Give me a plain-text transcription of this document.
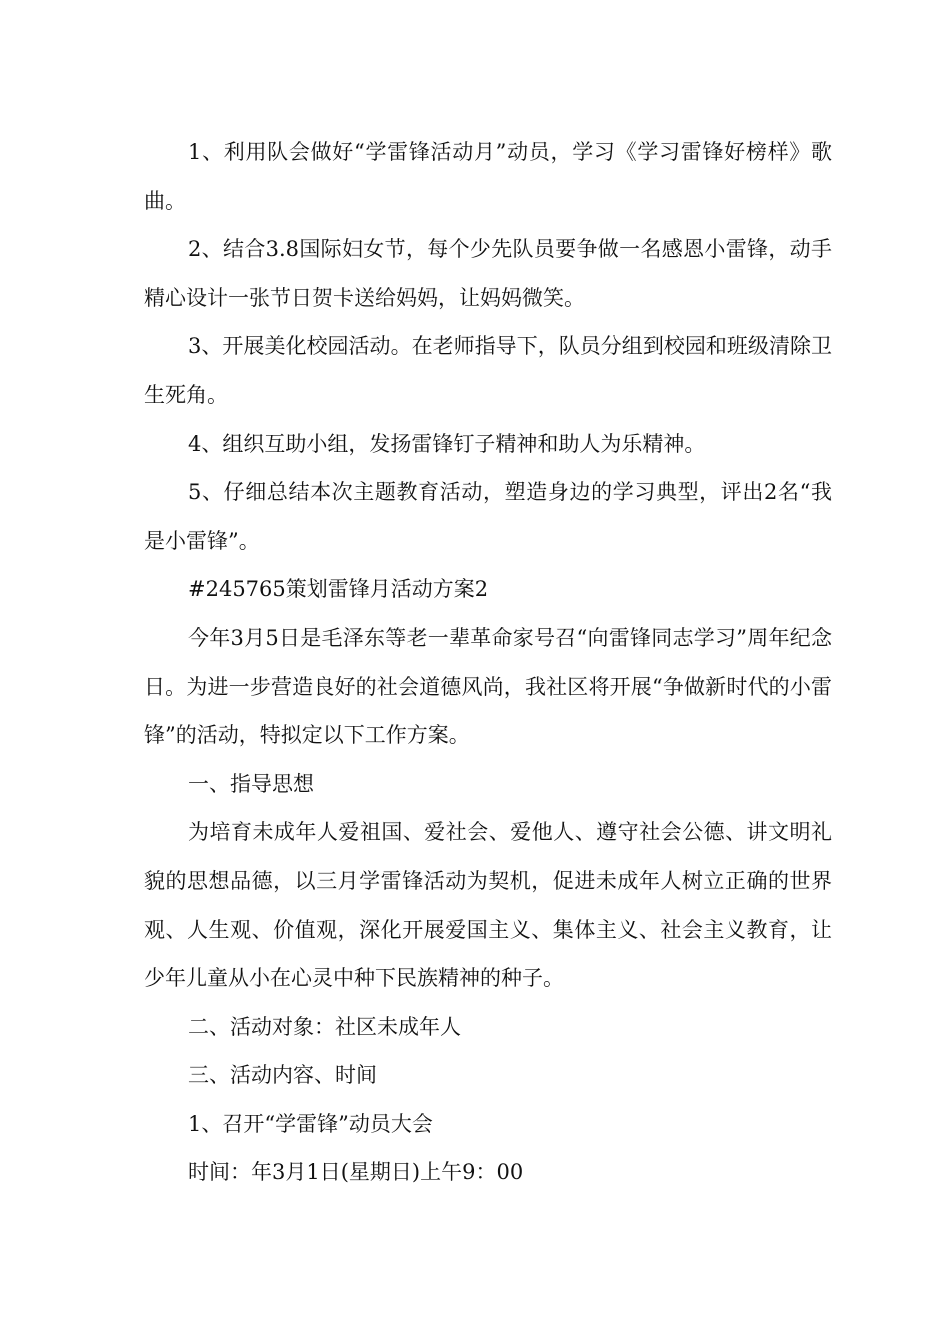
1、利用队会做好“学雷锋活动月”动员，学习《学习雷锋好榜样》歌曲。

2、结合3.8国际妇女节，每个少先队员要争做一名感恩小雷锋，动手精心设计一张节日贺卡送给妈妈，让妈妈微笑。

3、开展美化校园活动。在老师指导下，队员分组到校园和班级清除卫生死角。

4、组织互助小组，发扬雷锋钉子精神和助人为乐精神。

5、仔细总结本次主题教育活动，塑造身边的学习典型，评出2名“我是小雷锋”。

#245765策划雷锋月活动方案2

今年3月5日是毛泽东等老一辈革命家号召“向雷锋同志学习”周年纪念日。为进一步营造良好的社会道德风尚，我社区将开展“争做新时代的小雷锋”的活动，特拟定以下工作方案。

一、指导思想

为培育未成年人爱祖国、爱社会、爱他人、遵守社会公德、讲文明礼貌的思想品德，以三月学雷锋活动为契机，促进未成年人树立正确的世界观、人生观、价值观，深化开展爱国主义、集体主义、社会主义教育，让少年儿童从小在心灵中种下民族精神的种子。

二、活动对象：社区未成年人

三、活动内容、时间

1、召开“学雷锋”动员大会

时间：年3月1日(星期日)上午9：00
